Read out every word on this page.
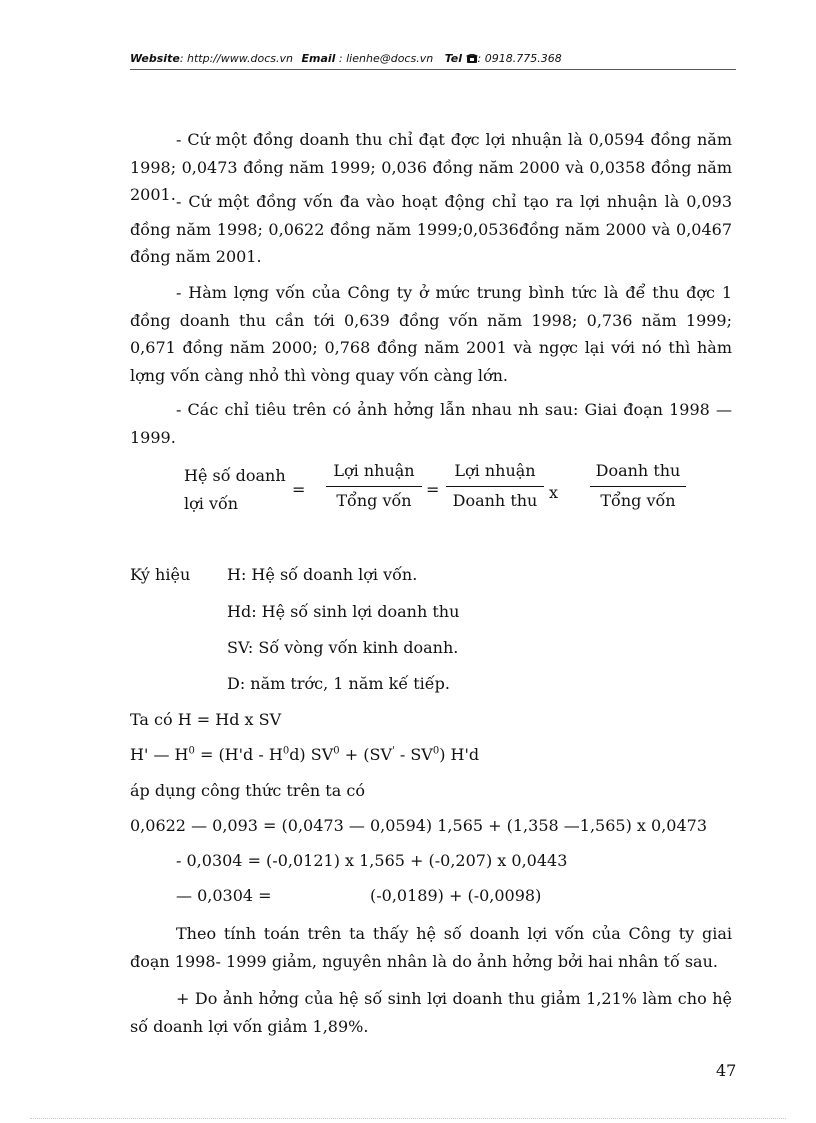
Website: http://www.docs.vn Email : lienhe@docs.vn Tel : 0918.775.368
- Cứ một đồng doanh thu chỉ đạt đợc lợi nhuận là 0,0594 đồng năm 1998; 0,0473 đồng năm 1999; 0,036 đồng năm 2000 và 0,0358 đồng năm 2001. - Cứ một đồng vốn đa vào hoạt động chỉ tạo ra lợi nhuận là 0,093 đồng năm 1998; 0,0622 đồng năm 1999;0,0536đồng năm 2000 và 0,0467 đồng năm 2001.
- Hàm lợng vốn của Công ty ở mức trung bình tức là để thu đợc 1 đồng doanh thu cần tới 0,639 đồng vốn năm 1998; 0,736 năm 1999; 0,671 đồng năm 2000; 0,768 đồng năm 2001 và ngợc lại với nó thì hàm lợng vốn càng nhỏ thì vòng quay vốn càng lớn.
- Các chỉ tiêu trên có ảnh hởng lẫn nhau nh sau: Giai đoạn 1998 — 1999.
Hệ số doanh
lợi vốn
=
Lợi nhuận
Tổng vốn
=
Lợi nhuận
Doanh thu x
Doanh thu
Tổng vốn
Ký hiệu H: Hệ số doanh lợi vốn.
Hd: Hệ số sinh lợi doanh thu
SV: Số vòng vốn kinh doanh.
D: năm trớc, 1 năm kế tiếp.
Ta có H = Hd x SV
H' — $H^0 = (H'd - H^0d) SV^0 + (SV' - SV^0)$ H'd
áp dụng công thức trên ta có
0,0622 — 0,093 = (0,0473 — 0,0594) 1,565 + (1,358 —1,565) x 0,0473
- 0,0304 = (-0,0121) x 1,565 + (-0,207) x 0,0443
— 0,0304 =	(-0,0189) + (-0,0098)
Theo tính toán trên ta thấy hệ số doanh lợi vốn của Công ty giai đoạn 1998- 1999 giảm, nguyên nhân là do ảnh hởng bởi hai nhân tố sau.
+ Do ảnh hởng của hệ số sinh lợi doanh thu giảm 1,21% làm cho hệ số doanh lợi vốn giảm 1,89%.
47
